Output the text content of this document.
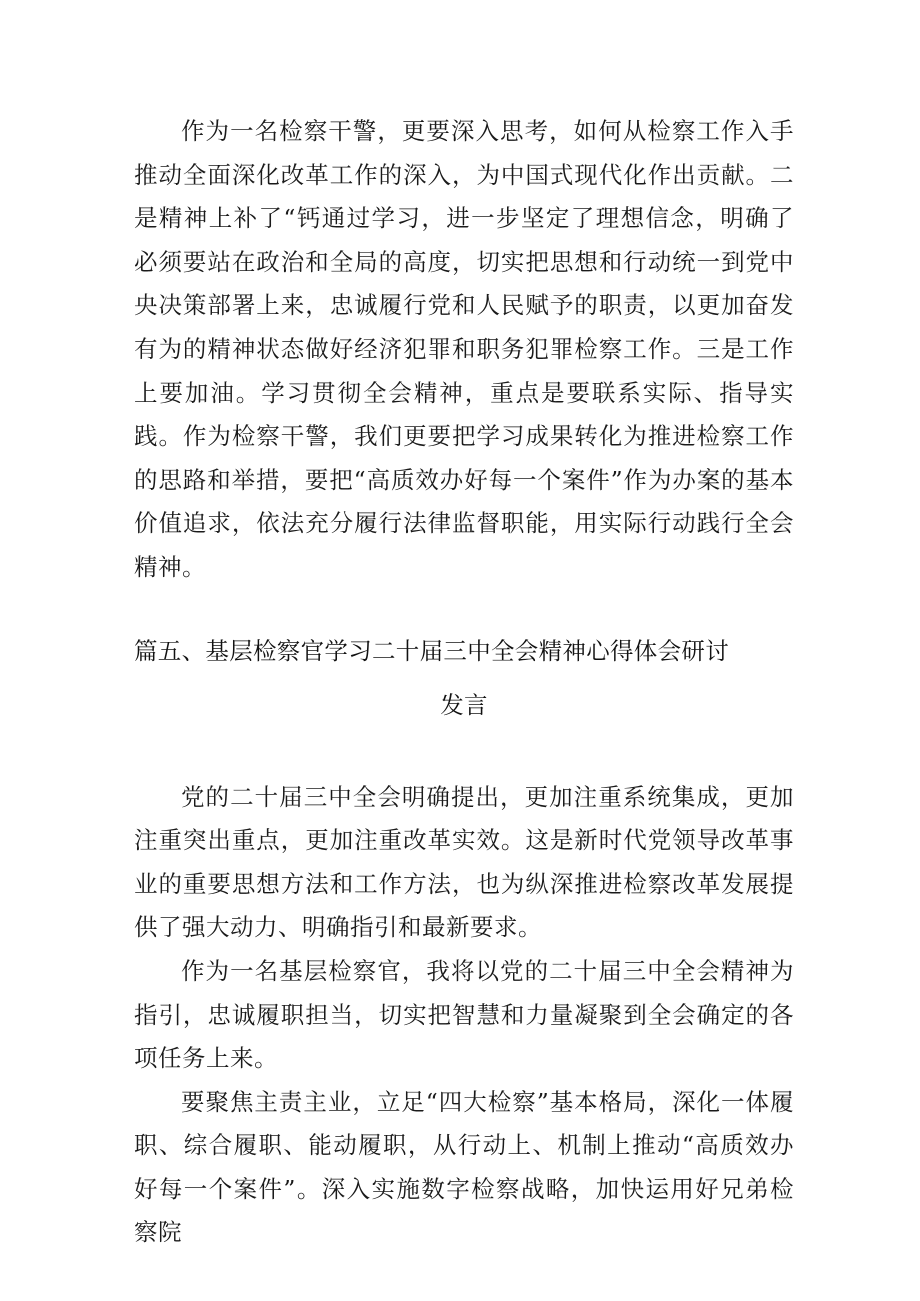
作为一名检察干警，更要深入思考，如何从检察工作入手推动全面深化改革工作的深入，为中国式现代化作出贡献。二是精神上补了“钙通过学习，进一步坚定了理想信念，明确了必须要站在政治和全局的高度，切实把思想和行动统一到党中央决策部署上来，忠诚履行党和人民赋予的职责，以更加奋发有为的精神状态做好经济犯罪和职务犯罪检察工作。三是工作上要加油。学习贯彻全会精神，重点是要联系实际、指导实践。作为检察干警，我们更要把学习成果转化为推进检察工作的思路和举措，要把“高质效办好每一个案件”作为办案的基本价值追求，依法充分履行法律监督职能，用实际行动践行全会精神。

篇五、基层检察官学习二十届三中全会精神心得体会研讨

发言

党的二十届三中全会明确提出，更加注重系统集成，更加注重突出重点，更加注重改革实效。这是新时代党领导改革事业的重要思想方法和工作方法，也为纵深推进检察改革发展提供了强大动力、明确指引和最新要求。

作为一名基层检察官，我将以党的二十届三中全会精神为指引，忠诚履职担当，切实把智慧和力量凝聚到全会确定的各项任务上来。

要聚焦主责主业，立足“四大检察”基本格局，深化一体履职、综合履职、能动履职，从行动上、机制上推动“高质效办好每一个案件”。深入实施数字检察战略，加快运用好兄弟检察院
